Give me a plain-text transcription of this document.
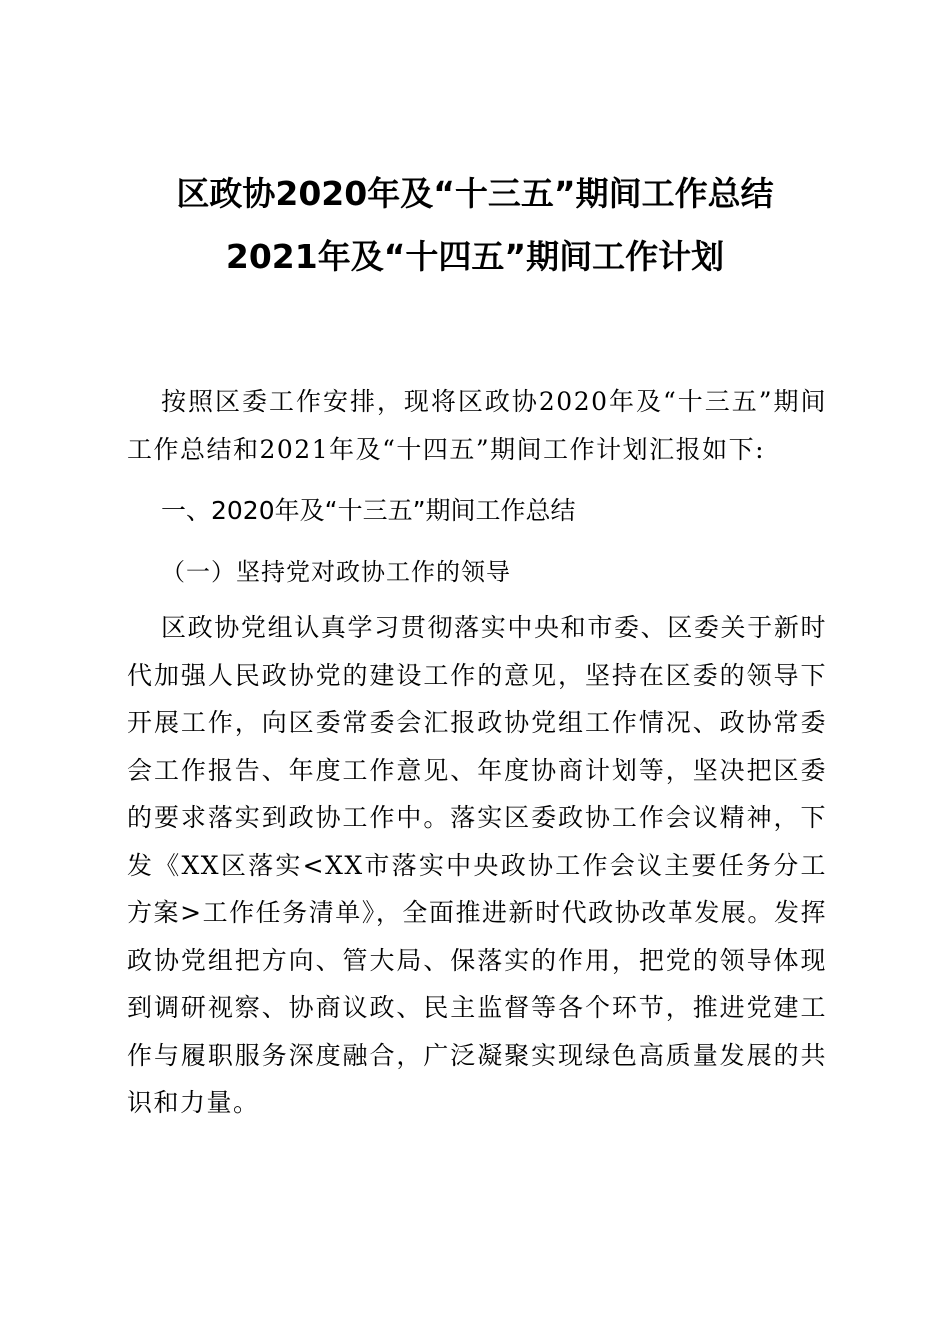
区政协2020年及“十三五”期间工作总结
2021年及“十四五”期间工作计划

按照区委工作安排，现将区政协2020年及“十三五”期间工作总结和2021年及“十四五”期间工作计划汇报如下:

一、2020年及“十三五”期间工作总结
（一）坚持党对政协工作的领导

区政协党组认真学习贯彻落实中央和市委、区委关于新时代加强人民政协党的建设工作的意见，坚持在区委的领导下开展工作，向区委常委会汇报政协党组工作情况、政协常委会工作报告、年度工作意见、年度协商计划等，坚决把区委的要求落实到政协工作中。落实区委政协工作会议精神，下发《XX区落实<XX市落实中央政协工作会议主要任务分工方案>工作任务清单》，全面推进新时代政协改革发展。发挥政协党组把方向、管大局、保落实的作用，把党的领导体现到调研视察、协商议政、民主监督等各个环节，推进党建工作与履职服务深度融合，广泛凝聚实现绿色高质量发展的共识和力量。
